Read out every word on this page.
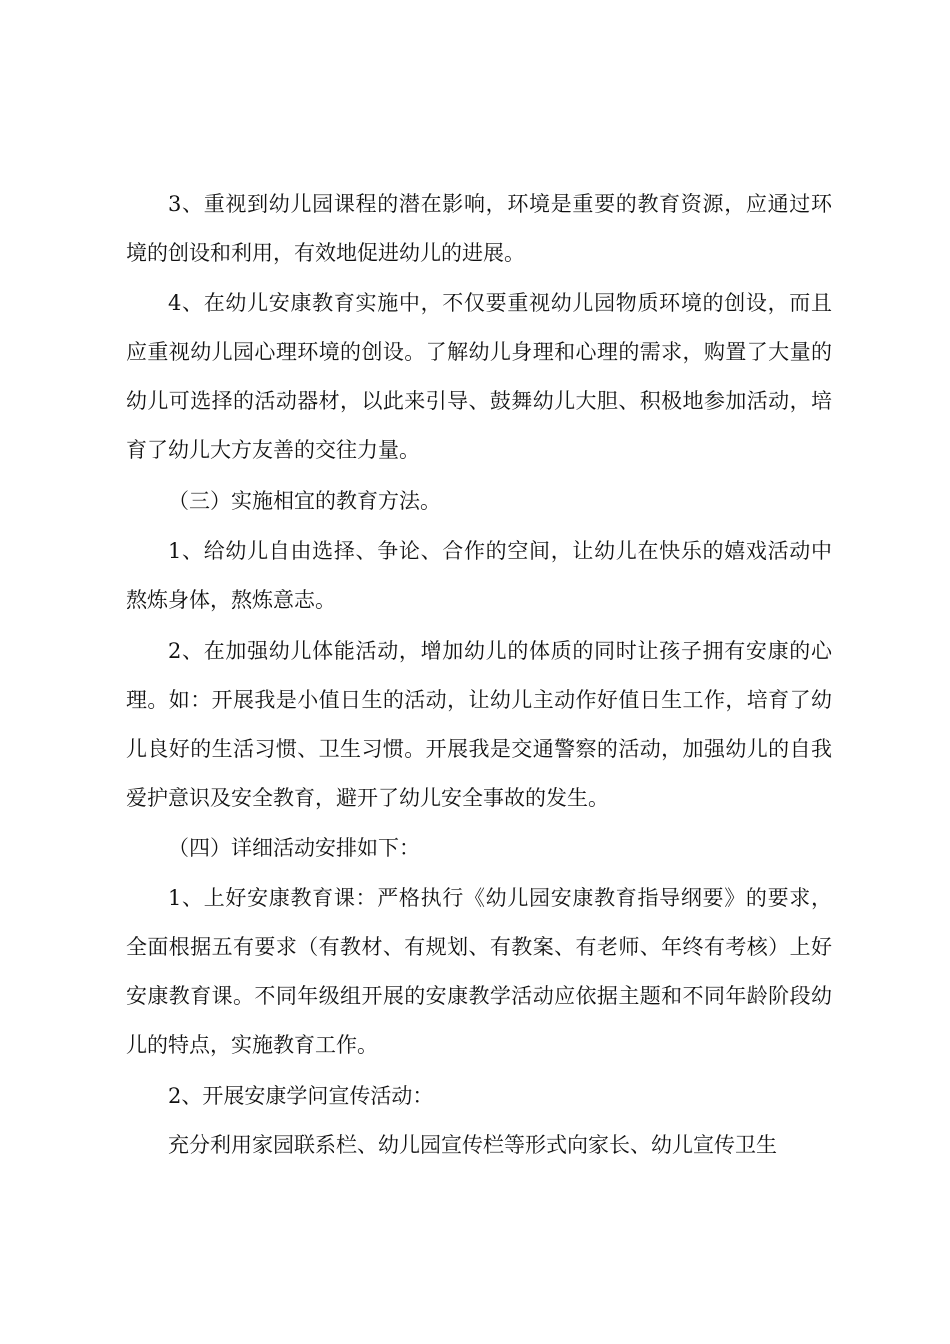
3、重视到幼儿园课程的潜在影响，环境是重要的教育资源，应通过环境的创设和利用，有效地促进幼儿的进展。

4、在幼儿安康教育实施中，不仅要重视幼儿园物质环境的创设，而且应重视幼儿园心理环境的创设。了解幼儿身理和心理的需求，购置了大量的幼儿可选择的活动器材，以此来引导、鼓舞幼儿大胆、积极地参加活动，培育了幼儿大方友善的交往力量。

（三）实施相宜的教育方法。

1、给幼儿自由选择、争论、合作的空间，让幼儿在快乐的嬉戏活动中熬炼身体，熬炼意志。

2、在加强幼儿体能活动，增加幼儿的体质的同时让孩子拥有安康的心理。如：开展我是小值日生的活动，让幼儿主动作好值日生工作，培育了幼儿良好的生活习惯、卫生习惯。开展我是交通警察的活动，加强幼儿的自我爱护意识及安全教育，避开了幼儿安全事故的发生。

（四）详细活动安排如下：

1、上好安康教育课：严格执行《幼儿园安康教育指导纲要》的要求，全面根据五有要求（有教材、有规划、有教案、有老师、年终有考核）上好安康教育课。不同年级组开展的安康教学活动应依据主题和不同年龄阶段幼儿的特点，实施教育工作。

2、开展安康学问宣传活动：

充分利用家园联系栏、幼儿园宣传栏等形式向家长、幼儿宣传卫生
